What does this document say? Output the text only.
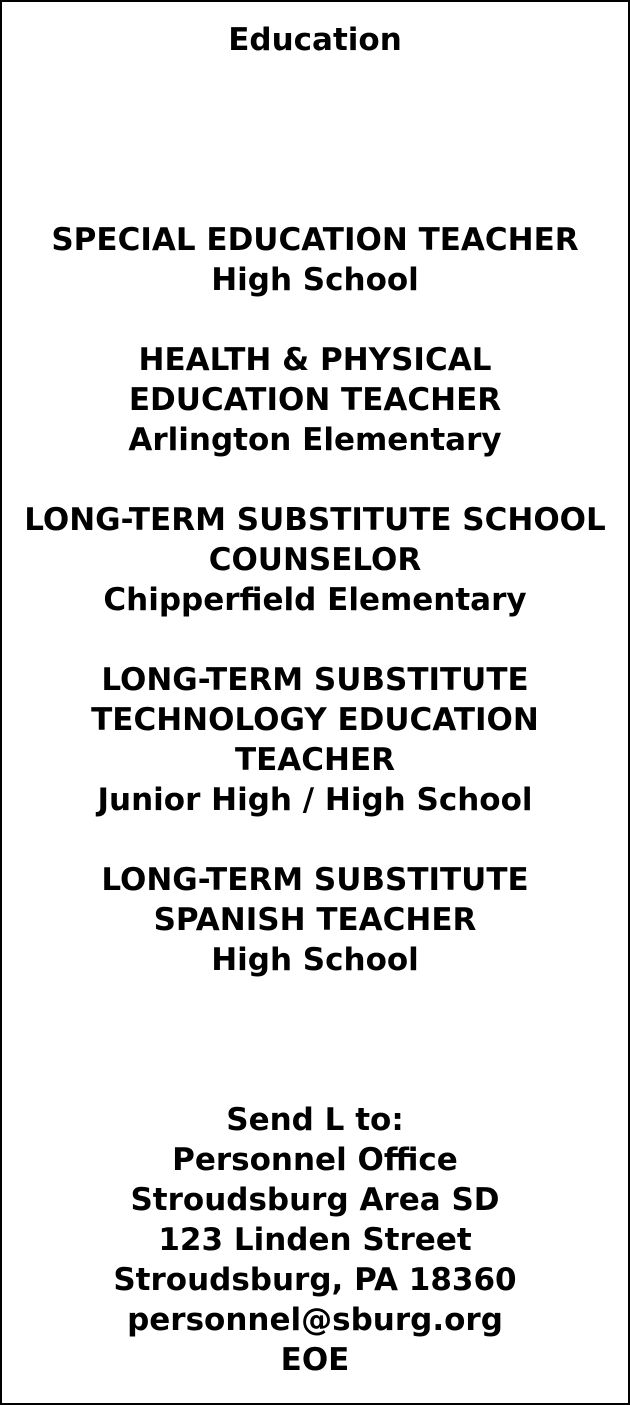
Education
SPECIAL EDUCATION TEACHER
High School
HEALTH & PHYSICAL
EDUCATION TEACHER
Arlington Elementary
LONG-TERM SUBSTITUTE SCHOOL
COUNSELOR
Chipperfield Elementary
LONG-TERM SUBSTITUTE
TECHNOLOGY EDUCATION
TEACHER
Junior High / High School
LONG-TERM SUBSTITUTE
SPANISH TEACHER
High School
Send L to:
Personnel Office
Stroudsburg Area SD
123 Linden Street
Stroudsburg, PA 18360
personnel@sburg.org
EOE
